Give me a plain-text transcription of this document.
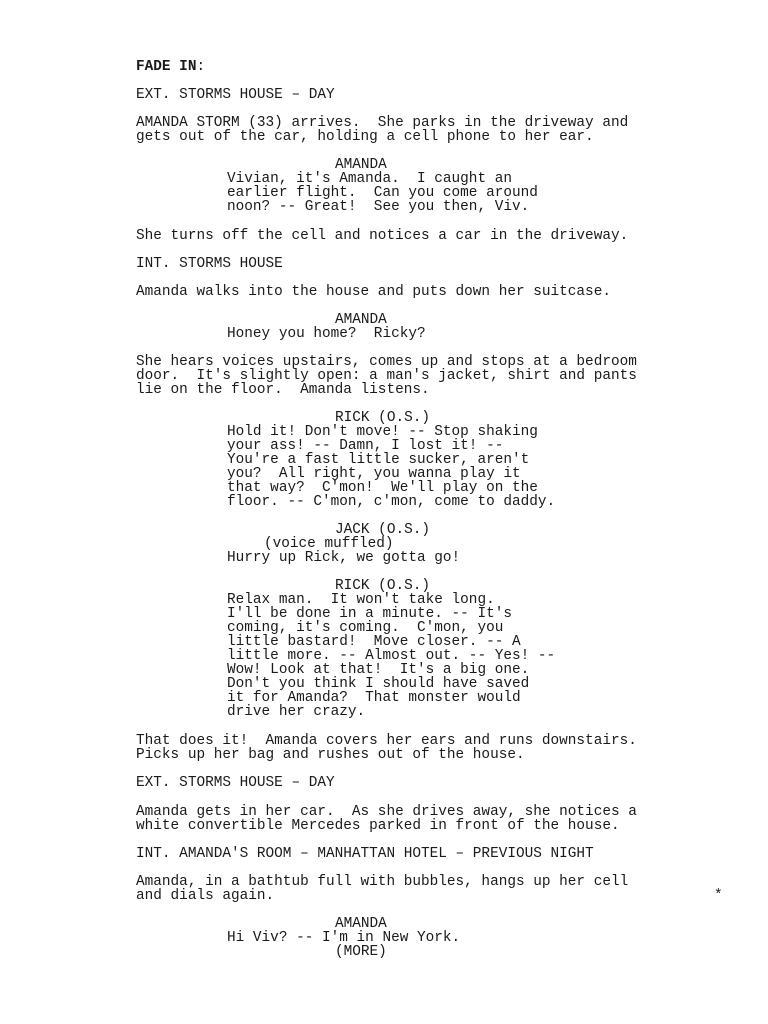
FADE IN:
EXT. STORMS HOUSE – DAY
AMANDA STORM (33) arrives.  She parks in the driveway and
gets out of the car, holding a cell phone to her ear.
AMANDA
Vivian, it's Amanda.  I caught an
earlier flight.  Can you come around
noon? -- Great!  See you then, Viv.
She turns off the cell and notices a car in the driveway.
INT. STORMS HOUSE
Amanda walks into the house and puts down her suitcase.
AMANDA
Honey you home?  Ricky?
She hears voices upstairs, comes up and stops at a bedroom
door.  It's slightly open: a man's jacket, shirt and pants
lie on the floor.  Amanda listens.
RICK (O.S.)
Hold it! Don't move! -- Stop shaking
your ass! -- Damn, I lost it! --
You're a fast little sucker, aren't
you?  All right, you wanna play it
that way?  C'mon!  We'll play on the
floor. -- C'mon, c'mon, come to daddy.
JACK (O.S.)
(voice muffled)
Hurry up Rick, we gotta go!
RICK (O.S.)
Relax man.  It won't take long.
I'll be done in a minute. -- It's
coming, it's coming.  C'mon, you
little bastard!  Move closer. -- A
little more. -- Almost out. -- Yes! --
Wow! Look at that!  It's a big one.
Don't you think I should have saved
it for Amanda?  That monster would
drive her crazy.
That does it!  Amanda covers her ears and runs downstairs.
Picks up her bag and rushes out of the house.
EXT. STORMS HOUSE – DAY
Amanda gets in her car.  As she drives away, she notices a
white convertible Mercedes parked in front of the house.
INT. AMANDA'S ROOM – MANHATTAN HOTEL – PREVIOUS NIGHT
Amanda, in a bathtub full with bubbles, hangs up her cell
and dials again.	*
AMANDA
Hi Viv? -- I'm in New York.
(MORE)
